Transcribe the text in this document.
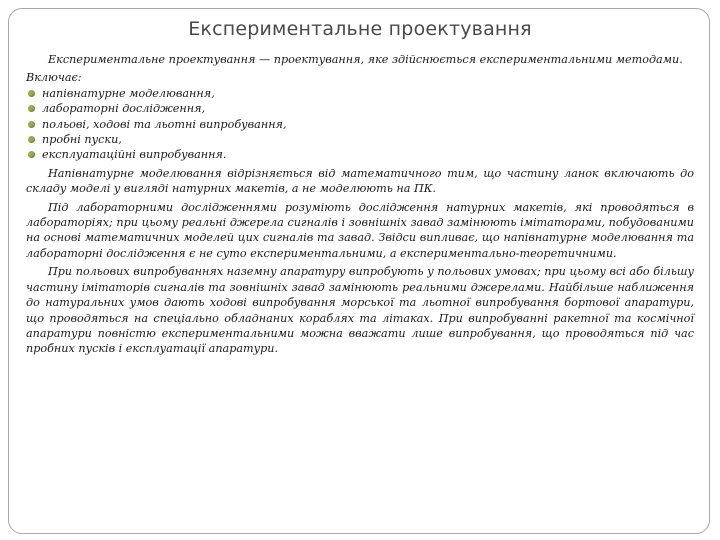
Експериментальне проектування

Експериментальне проектування — проектування, яке здійснюється експериментальними методами.

Включає:

напівнатурне моделювання,
лабораторні дослідження,
польові, ходові та льотні випробування,
пробні пуски,
експлуатаційні випробування.

Напівнатурне моделювання відрізняється від математичного тим, що частину ланок включають до складу моделі у вигляді натурних макетів, а не моделюють на ПК.

Під лабораторними дослідженнями розуміють дослідження натурних макетів, які проводяться в лабораторіях; при цьому реальні джерела сигналів і зовнішніх завад замінюють імітаторами, побудованими на основі математичних моделей цих сигналів та завад. Звідси випливає, що напівнатурне моделювання та лабораторні дослідження є не суто експериментальними, а експериментально-теоретичними.

При польових випробуваннях наземну апаратуру випробують у польових умовах; при цьому всі або більшу частину імітаторів сигналів та зовнішніх завад замінюють реальними джерелами. Найбільше наближення до натуральних умов дають ходові випробування морської та льотної випробування бортової апаратури, що проводяться на спеціально обладнаних кораблях та літаках. При випробуванні ракетної та космічної апаратури повністю експериментальними можна вважати лише випробування, що проводяться під час пробних пусків і експлуатації апаратури.
